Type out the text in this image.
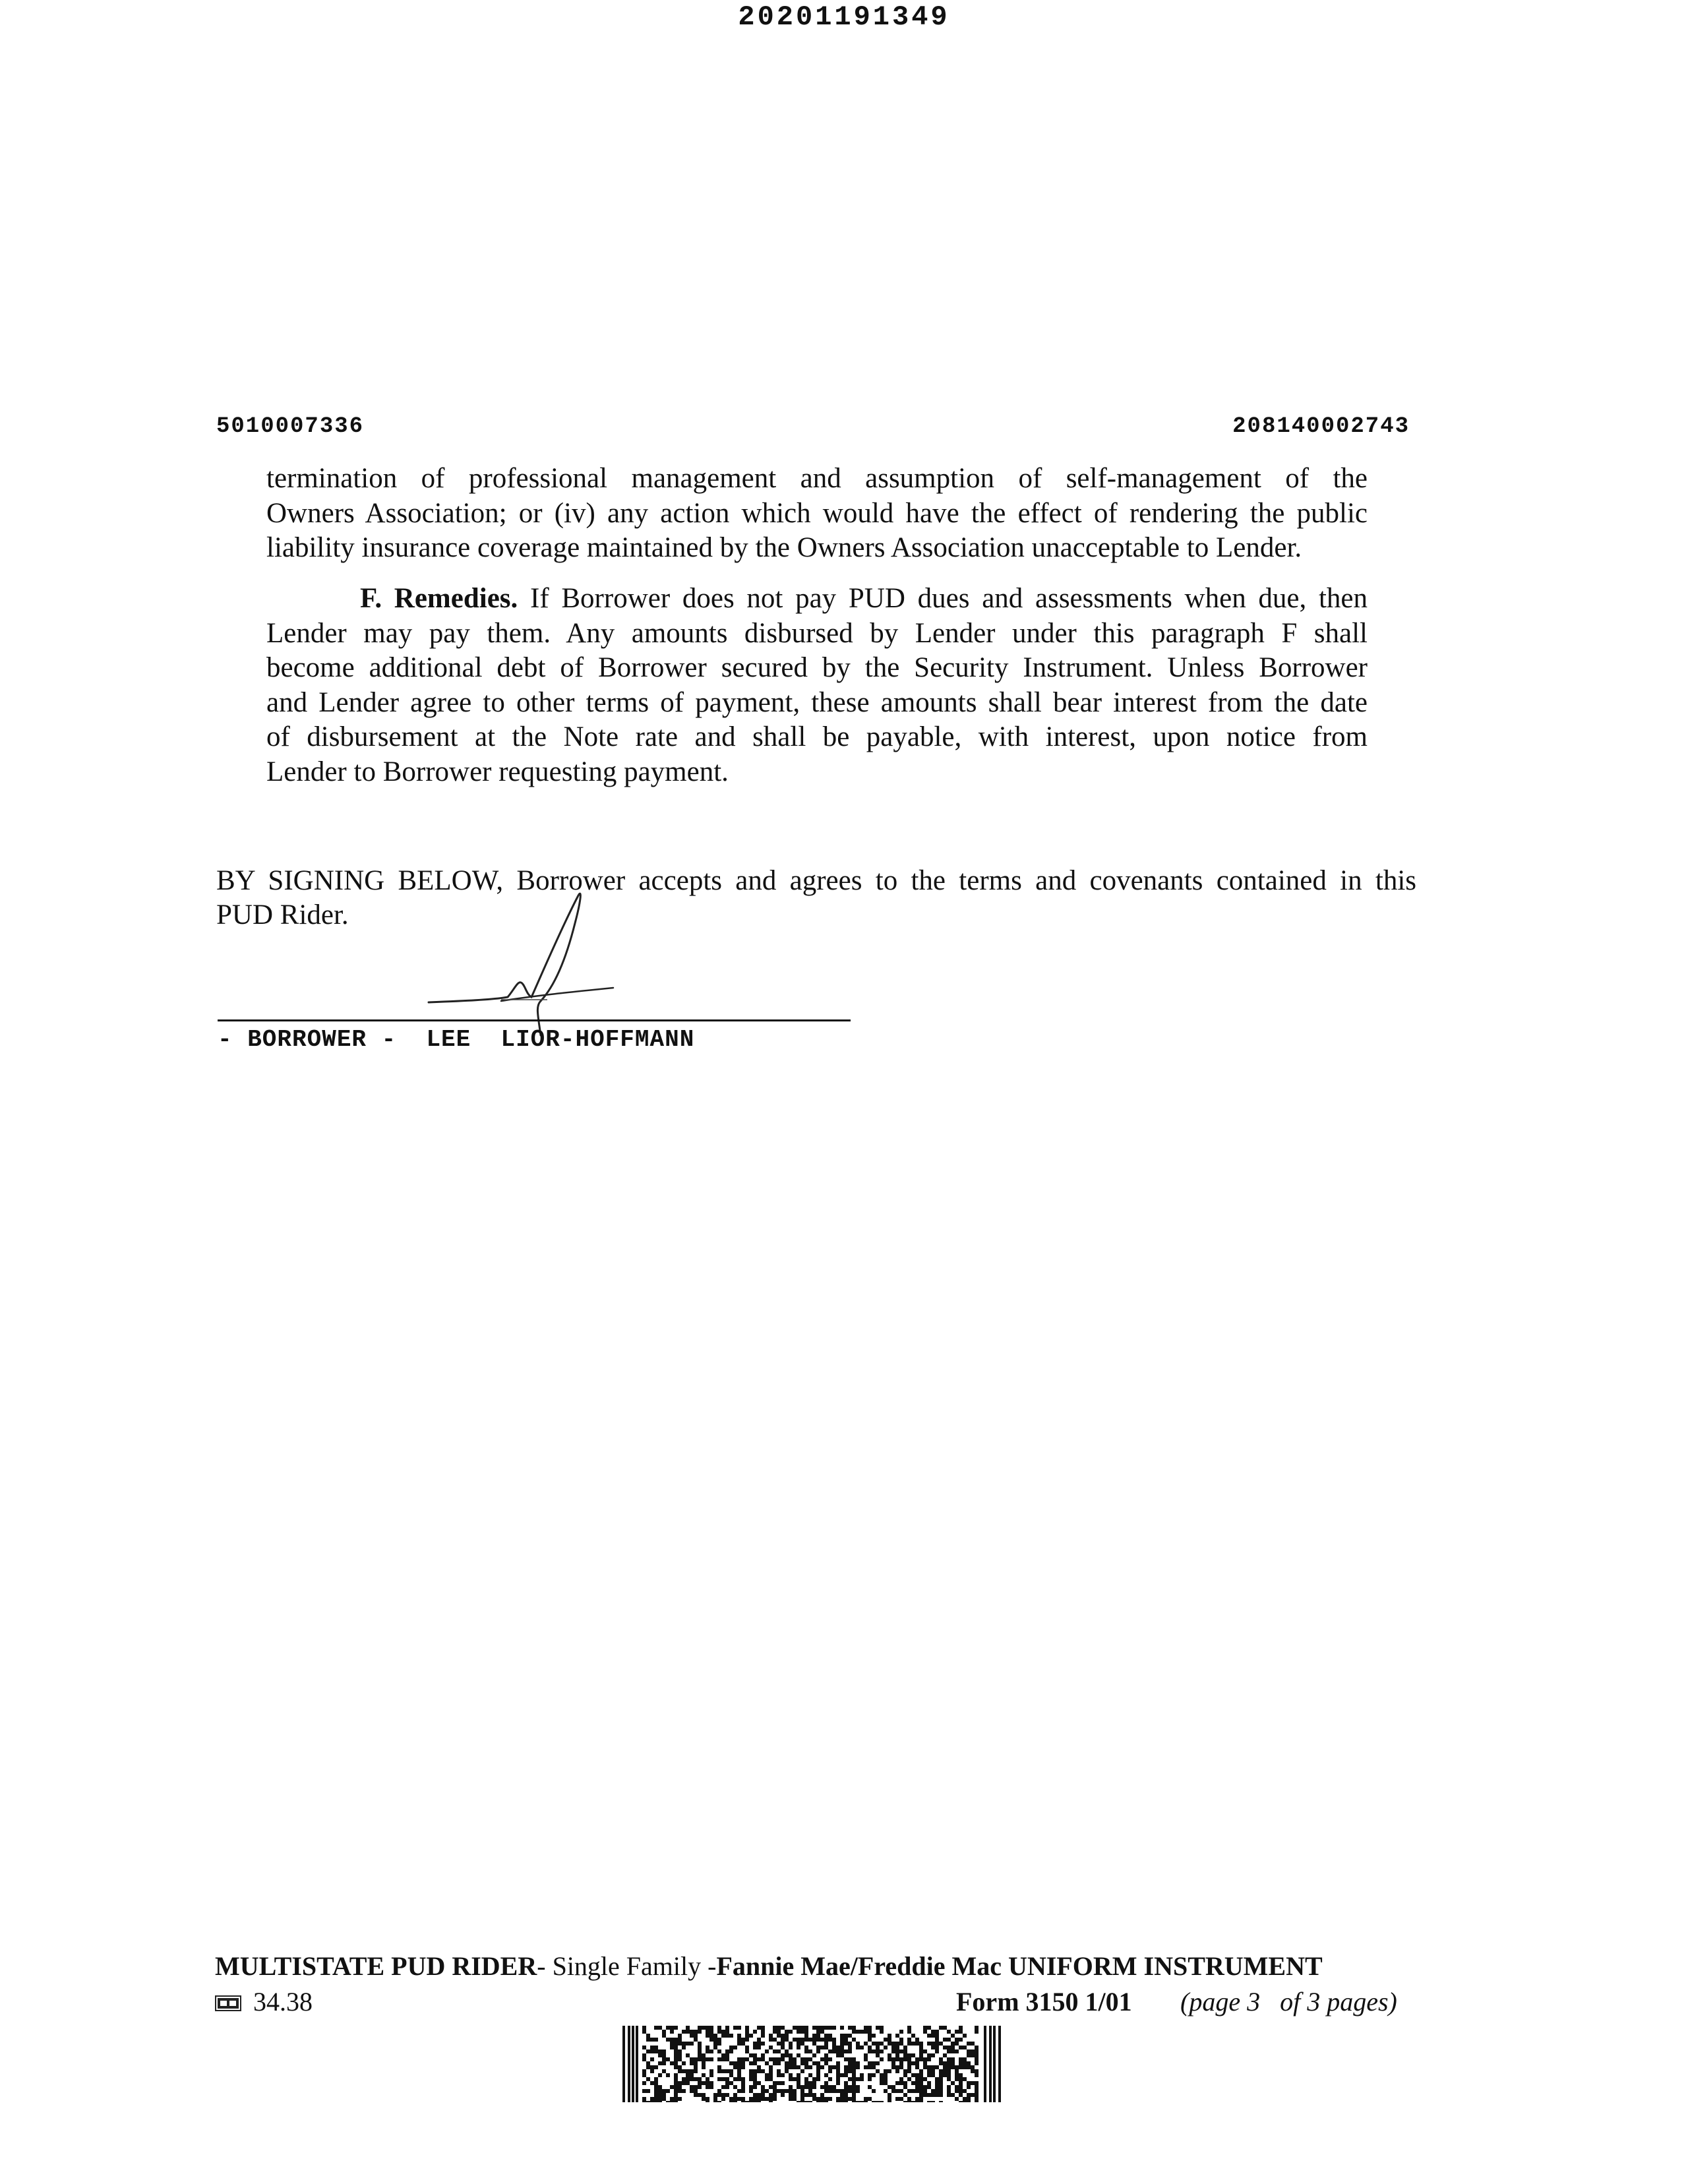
20201191349
5010007336	208140002743
termination of professional management and assumption of self-management of the
Owners Association; or (iv) any action which would have the effect of rendering the public
liability insurance coverage maintained by the Owners Association unacceptable to Lender.
F. Remedies. If Borrower does not pay PUD dues and assessments when due, then
Lender may pay them. Any amounts disbursed by Lender under this paragraph F shall
become additional debt of Borrower secured by the Security Instrument. Unless Borrower
and Lender agree to other terms of payment, these amounts shall bear interest from the date
of disbursement at the Note rate and shall be payable, with interest, upon notice from
Lender to Borrower requesting payment.
BY SIGNING BELOW, Borrower accepts and agrees to the terms and covenants contained in this
PUD Rider.
- BORROWER -  LEE  LIOR-HOFFMANN
MULTISTATE PUD RIDER- Single Family -Fannie Mae/Freddie Mac UNIFORM INSTRUMENT
34.38	Form 3150 1/01 (page 3   of 3 pages)
